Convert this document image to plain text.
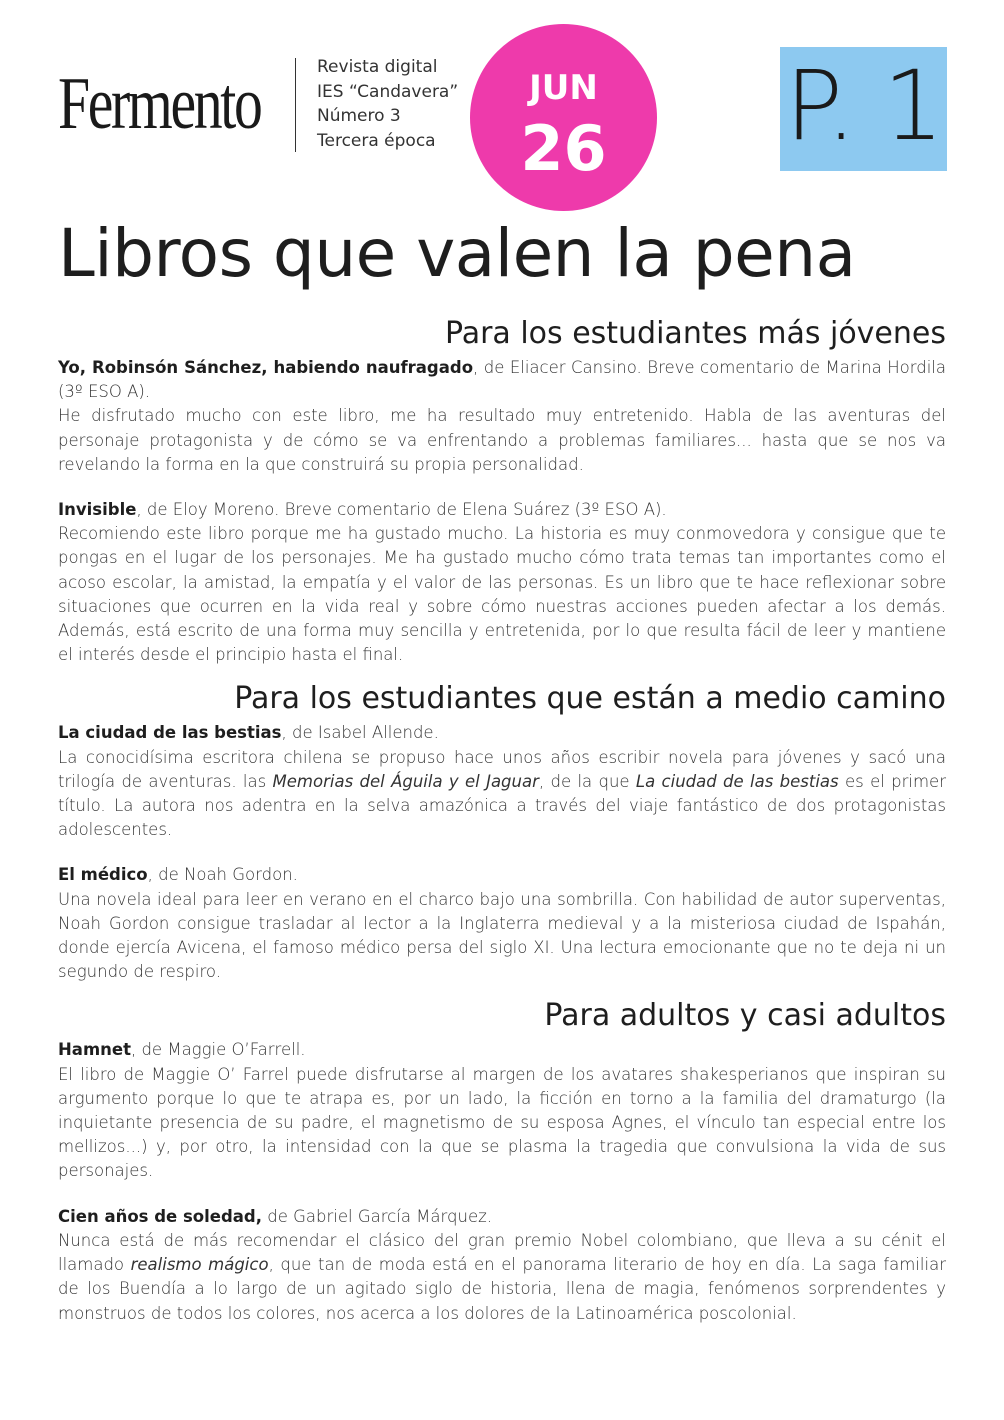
Fermento	Revista digital
IES “Candavera”
Número 3
Tercera época
JUN
26	P. 1
Libros que valen la pena
Para los estudiantes más jóvenes

Yo, Robinsón Sánchez, habiendo naufragado, de Eliacer Cansino. Breve comentario de Marina Hordila (3º ESO A).
He disfrutado mucho con este libro, me ha resultado muy entretenido. Habla de las aventuras del personaje protagonista y de cómo se va enfrentando a problemas familiares... hasta que se nos va revelando la forma en la que construirá su propia personalidad.

Invisible, de Eloy Moreno. Breve comentario de Elena Suárez (3º ESO A).
Recomiendo este libro porque me ha gustado mucho. La historia es muy conmovedora y consigue que te pongas en el lugar de los personajes. Me ha gustado mucho cómo trata temas tan importantes como el acoso escolar, la amistad, la empatía y el valor de las personas. Es un libro que te hace reflexionar sobre situaciones que ocurren en la vida real y sobre cómo nuestras acciones pueden afectar a los demás. Además, está escrito de una forma muy sencilla y entretenida, por lo que resulta fácil de leer y mantiene el interés desde el principio hasta el final.

Para los estudiantes que están a medio camino

La ciudad de las bestias, de Isabel Allende.
La conocidísima escritora chilena se propuso hace unos años escribir novela para jóvenes y sacó una trilogía de aventuras. las Memorias del Águila y el Jaguar, de la que La ciudad de las bestias es el primer título. La autora nos adentra en la selva amazónica a través del viaje fantástico de dos protagonistas adolescentes.

El médico, de Noah Gordon.
Una novela ideal para leer en verano en el charco bajo una sombrilla. Con habilidad de autor superventas, Noah Gordon consigue trasladar al lector a la Inglaterra medieval y a la misteriosa ciudad de Ispahán, donde ejercía Avicena, el famoso médico persa del siglo XI. Una lectura emocionante que no te deja ni un segundo de respiro.

Para adultos y casi adultos

Hamnet, de Maggie O’Farrell.
El libro de Maggie O’ Farrel puede disfrutarse al margen de los avatares shakesperianos que inspiran su argumento porque lo que te atrapa es, por un lado, la ficción en torno a la familia del dramaturgo (la inquietante presencia de su padre, el magnetismo de su esposa Agnes, el vínculo tan especial entre los mellizos...) y, por otro, la intensidad con la que se plasma la tragedia que convulsiona la vida de sus personajes.

Cien años de soledad, de Gabriel García Márquez.
Nunca está de más recomendar el clásico del gran premio Nobel colombiano, que lleva a su cénit el llamado realismo mágico, que tan de moda está en el panorama literario de hoy en día. La saga familiar de los Buendía a lo largo de un agitado siglo de historia, llena de magia, fenómenos sorprendentes y monstruos de todos los colores, nos acerca a los dolores de la Latinoamérica poscolonial.
